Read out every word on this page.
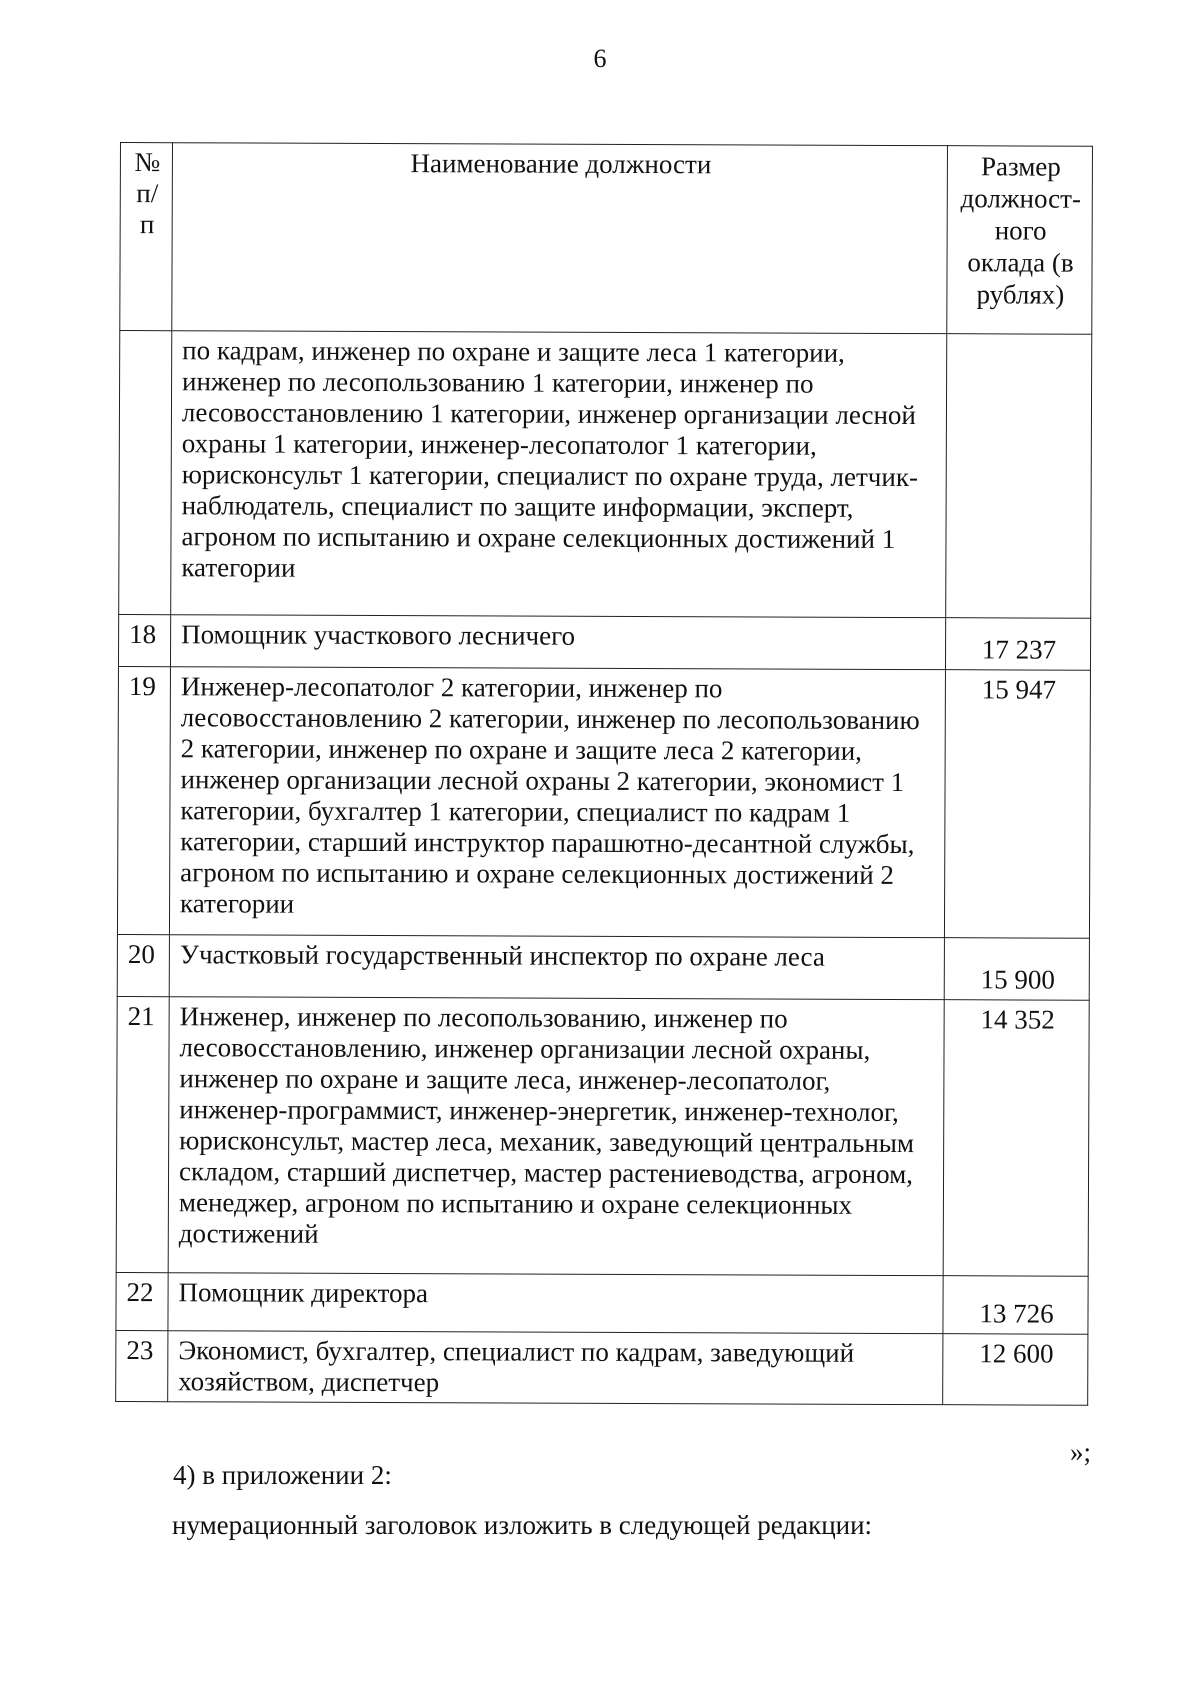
6
№ п/п	Наименование должности	Размер должност-ного оклада (в рублях)
	по кадрам, инженер по охране и защите леса 1 категории, инженер по лесопользованию 1 категории, инженер по лесовосстановлению 1 категории, инженер организации лесной охраны 1 категории, инженер-лесопатолог 1 категории, юрисконсульт 1 категории, специалист по охране труда, летчик-наблюдатель, специалист по защите информации, эксперт, агроном по испытанию и охране селекционных достижений 1 категории	
18	Помощник участкового лесничего	17 237
19	Инженер-лесопатолог 2 категории, инженер по лесовосстановлению 2 категории, инженер по лесопользованию 2 категории, инженер по охране и защите леса 2 категории, инженер организации лесной охраны 2 категории, экономист 1 категории, бухгалтер 1 категории, специалист по кадрам 1 категории, старший инструктор парашютно-десантной службы, агроном по испытанию и охране селекционных достижений 2 категории	15 947
20	Участковый государственный инспектор по охране леса	15 900
21	Инженер, инженер по лесопользованию, инженер по лесовосстановлению, инженер организации лесной охраны, инженер по охране и защите леса, инженер-лесопатолог, инженер-программист, инженер-энергетик, инженер-технолог, юрисконсульт, мастер леса, механик, заведующий центральным складом, старший диспетчер, мастер растениеводства, агроном, менеджер, агроном по испытанию и охране селекционных достижений	14 352
22	Помощник директора	13 726
23	Экономист, бухгалтер, специалист по кадрам, заведующий хозяйством, диспетчер	12 600
»;
4) в приложении 2:
нумерационный заголовок изложить в следующей редакции:
